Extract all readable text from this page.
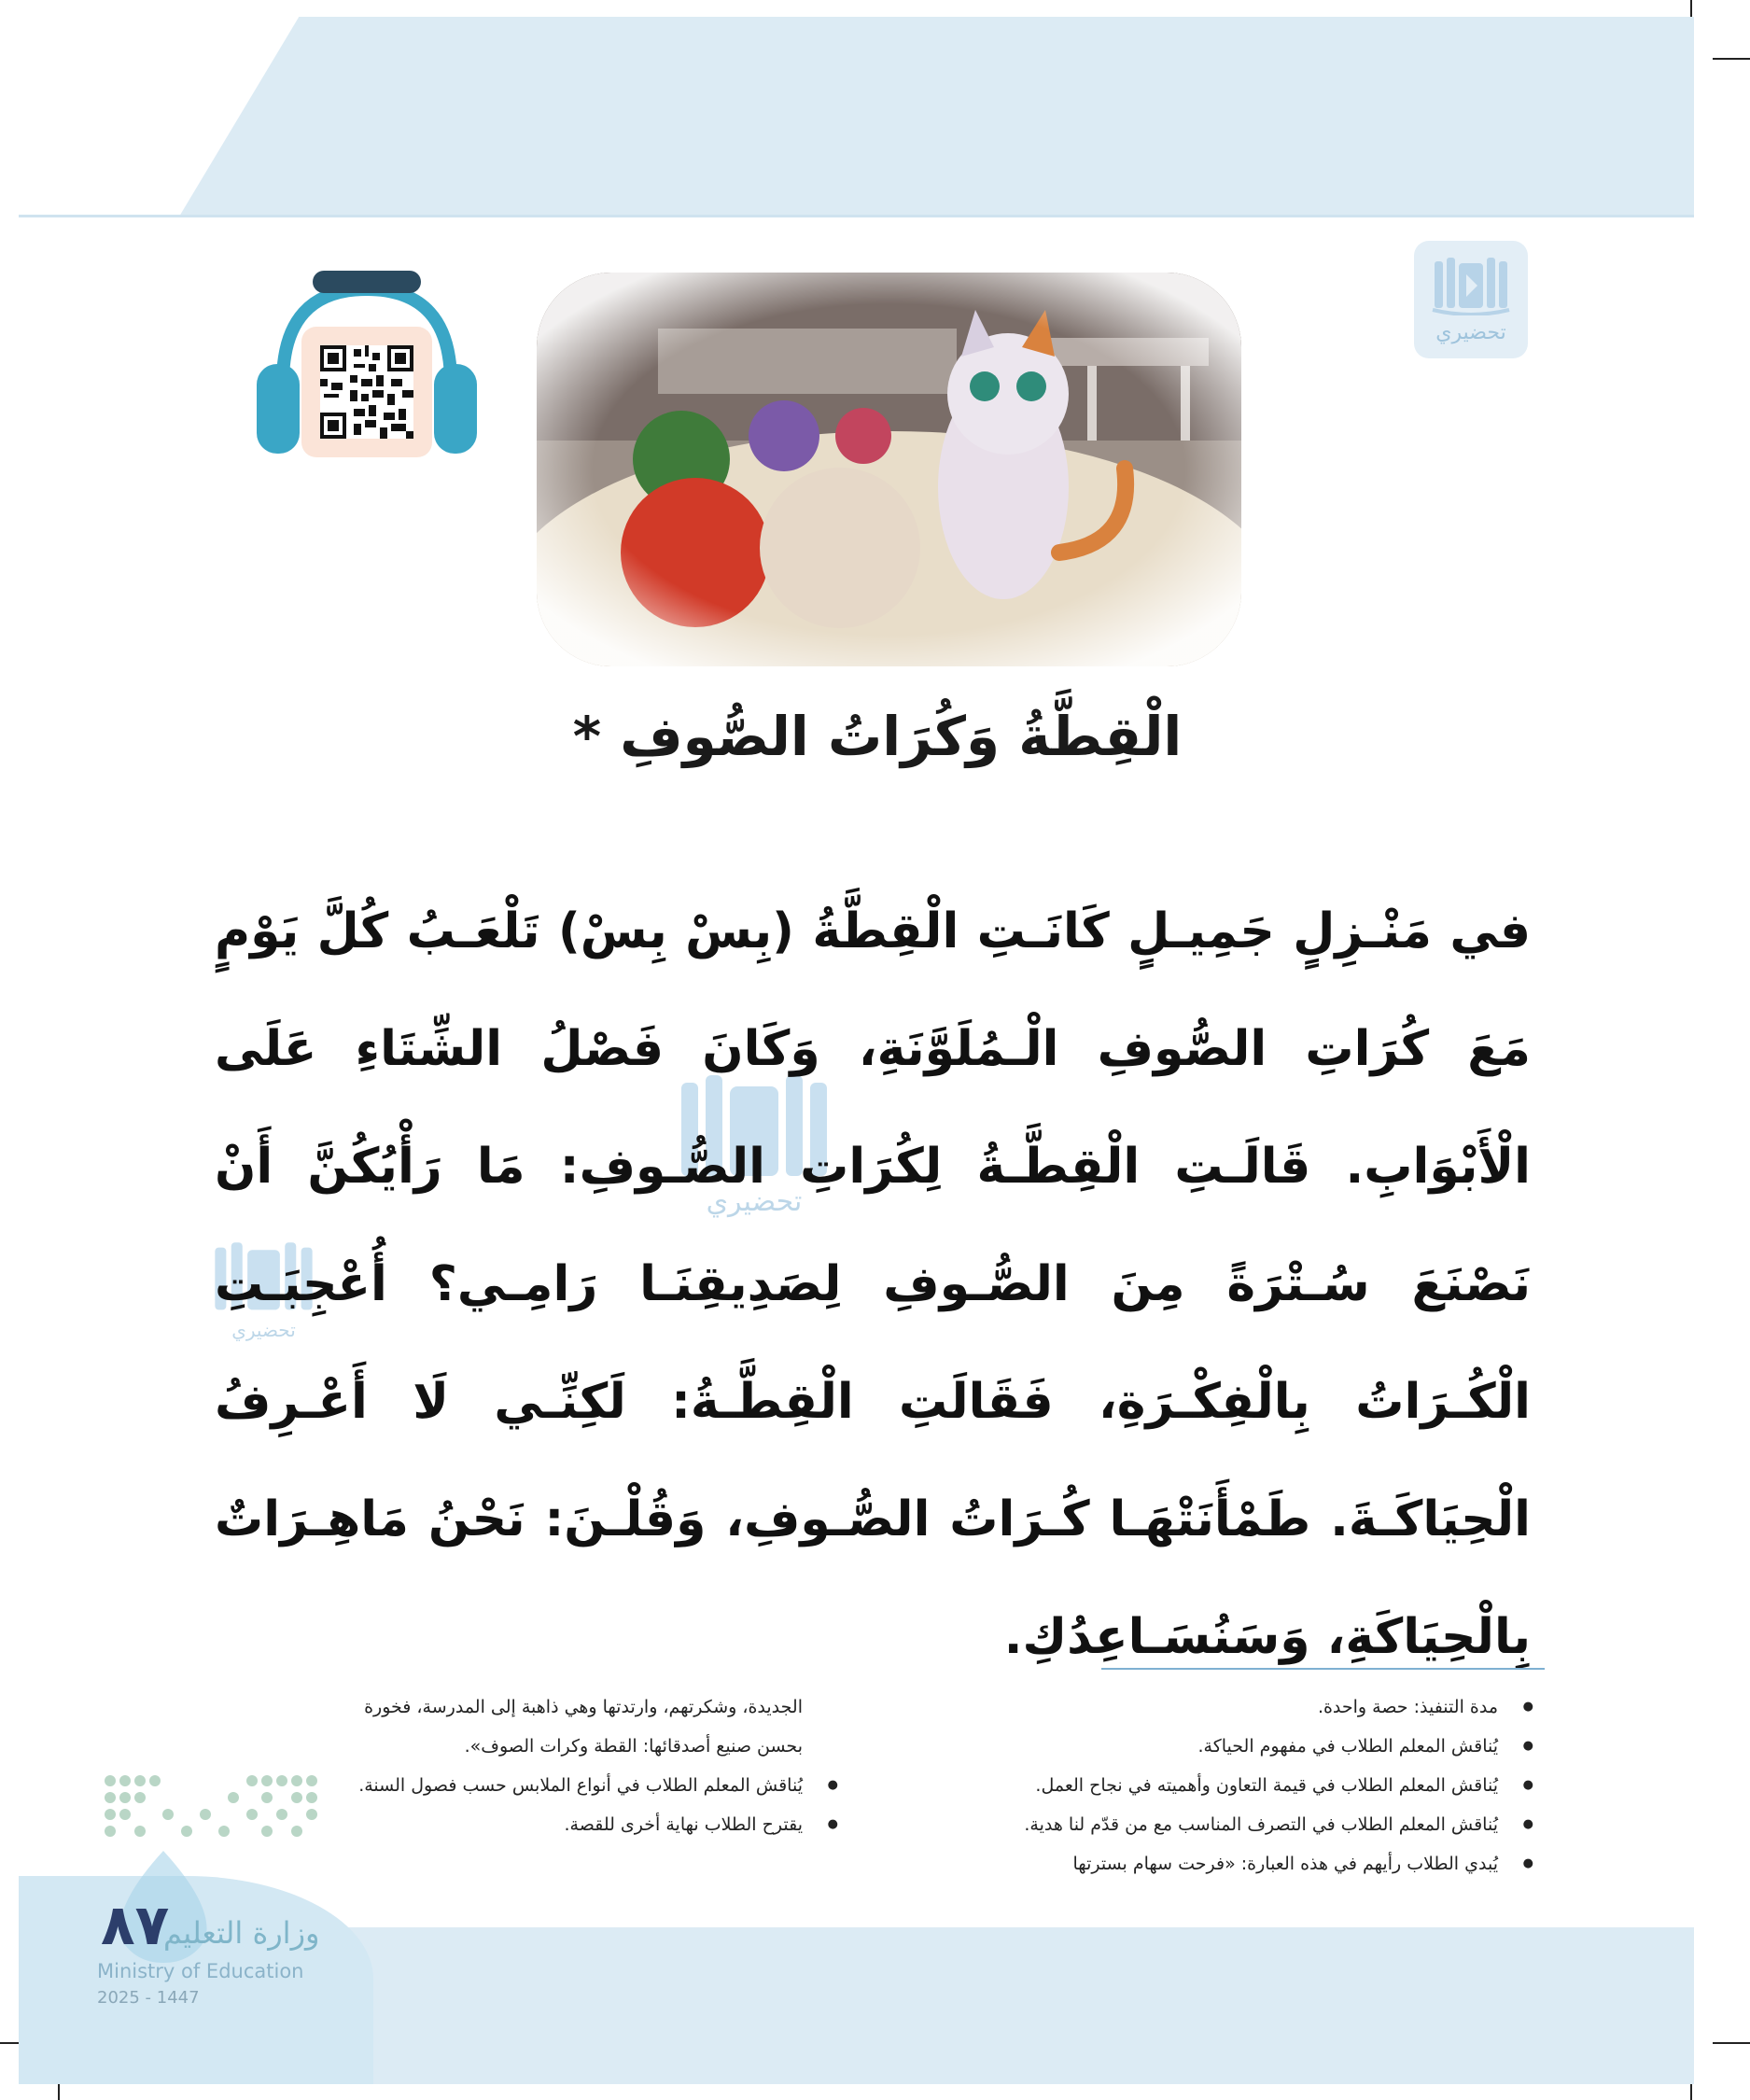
تحضيري
تحضيري
تحضيري
الْقِطَّةُ وَكُرَاتُ الصُّوفِ *
في مَنْـزِلٍ جَمِيـلٍ كَانَـتِ الْقِطَّةُ (بِسْ بِسْ) تَلْعَـبُ كُلَّ يَوْمٍ مَعَ كُرَاتِ الصُّوفِ الْـمُلَوَّنَةِ، وَكَانَ فَصْلُ الشِّتَاءِ عَلَى الْأَبْوَابِ. قَالَـتِ الْقِطَّـةُ لِكُرَاتِ الصُّـوفِ: مَا رَأْيُكُنَّ أَنْ نَصْنَعَ سُـتْرَةً مِنَ الصُّـوفِ لِصَدِيقِنَـا رَامِـي؟ أُعْجِبَـتِ الْكُـرَاتُ بِالْفِكْـرَةِ، فَقَالَتِ الْقِطَّـةُ: لَكِنِّـي لَا أَعْـرِفُ الْحِيَاكَـةَ. طَمْأَنَتْهَـا كُـرَاتُ الصُّـوفِ، وَقُلْـنَ: نَحْنُ مَاهِـرَاتٌ بِالْحِيَاكَةِ، وَسَنُسَـاعِدُكِ.
● مدة التنفيذ: حصة واحدة.
● يُناقش المعلم الطلاب في مفهوم الحياكة.
● يُناقش المعلم الطلاب في قيمة التعاون وأهميته في نجاح العمل.
● يُناقش المعلم الطلاب في التصرف المناسب مع من قدّم لنا هدية.
● يُبدي الطلاب رأيهم في هذه العبارة: «فرحت سهام بسترتها
الجديدة، وشكرتهم، وارتدتها وهي ذاهبة إلى المدرسة، فخورة
بحسن صنيع أصدقائها: القطة وكرات الصوف».
● يُناقش المعلم الطلاب في أنواع الملابس حسب فصول السنة.
● يقترح الطلاب نهاية أخرى للقصة.
٨٧
وزارة التعليم
Ministry of Education
2025 - 1447
